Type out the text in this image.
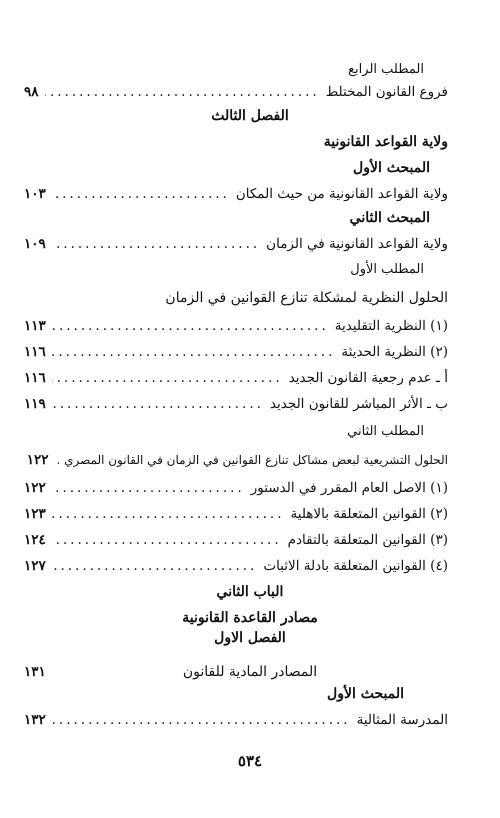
المطلب الرابع
فروع القانون المختلط
.....
٩٨
الفصل الثالث
ولاية القواعد القانونية
المبحث الأول
ولاية القواعد القانونية من حيث المكان
.....
١٠٣
المبحث الثاني
ولاية القواعد القانونية في الزمان
.....
١٠٩
المطلب الأول
الحلول النظرية لمشكلة تنازع القوانين في الزمان
(١) النظرية التقليدية
.....
١١٣
(٢) النظرية الحديثة
.....
١١٦
أ ـ عدم رجعية القانون الجديد
.....
١١٦
ب ـ الأثر المباشر للقانون الجديد
.....
١١٩
المطلب الثاني
الحلول التشريعية لبعض مشاكل تنازع القوانين في الزمان في القانون المصري .
١٢٢
(١) الاصل العام المقرر في الدستور
.....
١٢٢
(٢) القوانين المتعلقة بالاهلية
.....
١٢٣
(٣) القوانين المتعلقة بالتقادم
.....
١٢٤
(٤) القوانين المتعلقة بادلة الاثبات
.....
١٢٧
الباب الثاني
مصادر القاعدة القانونية
الفصل الاول
المصادر المادية للقانون
١٣١
المبحث الأول
المدرسة المثالية
.....
١٣٢
٥٣٤
